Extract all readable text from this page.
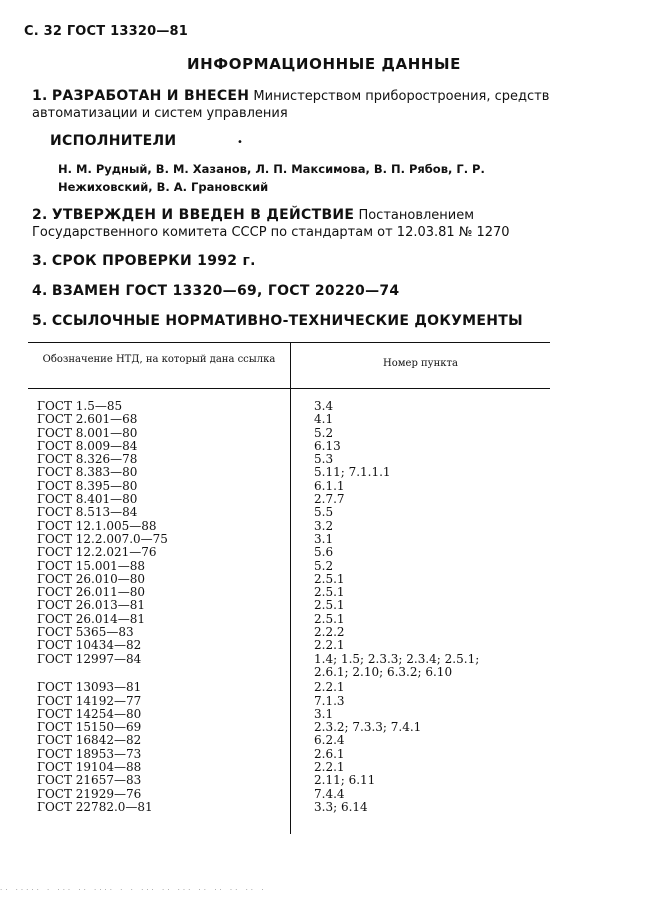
С. 32 ГОСТ 13320—81
ИНФОРМАЦИОННЫЕ ДАННЫЕ
1. РАЗРАБОТАН И ВНЕСЕН Министерством приборостроения, средств автоматизации и систем управления
ИСПОЛНИТЕЛИ	•
Н. М. Рудный, В. М. Хазанов, Л. П. Максимова, В. П. Рябов, Г. Р. Нежиховский, В. А. Грановский
2. УТВЕРЖДЕН И ВВЕДЕН В ДЕЙСТВИЕ Постановлением Государственного комитета СССР по стандартам от 12.03.81 № 1270
3. СРОК ПРОВЕРКИ 1992 г.
4. ВЗАМЕН ГОСТ 13320—69, ГОСТ 20220—74
5. ССЫЛОЧНЫЕ НОРМАТИВНО-ТЕХНИЧЕСКИЕ ДОКУМЕНТЫ
Обозначение НТД, на который дана ссылка	Номер пункта
ГОСТ 1.5—85	3.4
ГОСТ 2.601—68	4.1
ГОСТ 8.001—80	5.2
ГОСТ 8.009—84	6.13
ГОСТ 8.326—78	5.3
ГОСТ 8.383—80	5.11; 7.1.1.1
ГОСТ 8.395—80	6.1.1
ГОСТ 8.401—80	2.7.7
ГОСТ 8.513—84	5.5
ГОСТ 12.1.005—88	3.2
ГОСТ 12.2.007.0—75	3.1
ГОСТ 12.2.021—76	5.6
ГОСТ 15.001—88	5.2
ГОСТ 26.010—80	2.5.1
ГОСТ 26.011—80	2.5.1
ГОСТ 26.013—81	2.5.1
ГОСТ 26.014—81	2.5.1
ГОСТ 5365—83	2.2.2
ГОСТ 10434—82	2.2.1
ГОСТ 12997—84	1.4; 1.5; 2.3.3; 2.3.4; 2.5.1;
2.6.1; 2.10; 6.3.2; 6.10
ГОСТ 13093—81	2.2.1
ГОСТ 14192—77	7.1.3
ГОСТ 14254—80	3.1
ГОСТ 15150—69	2.3.2; 7.3.3; 7.4.1
ГОСТ 16842—82	6.2.4
ГОСТ 18953—73	2.6.1
ГОСТ 19104—88	2.2.1
ГОСТ 21657—83	2.11; 6.11
ГОСТ 21929—76	7.4.4
ГОСТ 22782.0—81	3.3; 6.14
·· ····· · ··· ·· ···· · · ··· ·· ··· ·· ·· ·· ·· ·
